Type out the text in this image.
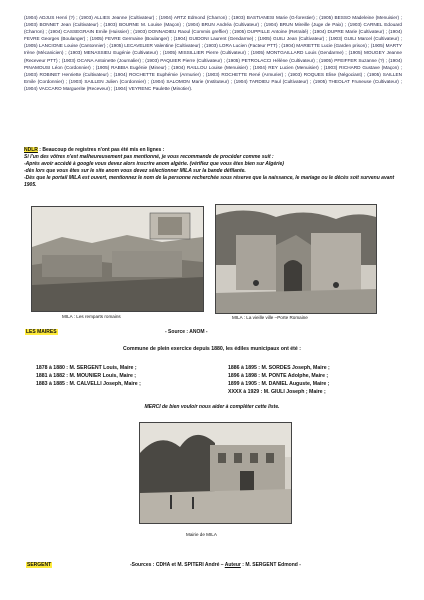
(1904) ADJUS Henri (?) ; (1903) ALLIES Jeanne (Cultivateur) ; (1904) ARTZ Edmond (Charron) ; (1903) BASTIANESI Marie (G-forestier) ; (1905) BESSO Madeleine (Menuisier) ; (1903) BONNET Jean (Cultivateur) ; (1903) BOURNE M. Louise (Maçon) ; (1904) BRUN Andréa (Cultivateur) ; (1904) BRUN Mireille (Juge de Paix) ; (1903) CARNEL Edouard (Charron) ; (1904) CASSEGRAIN Emile (Huissier) ; (1903) DONNADIEU Raoul (Commis greffier) ; (1905) DUPPILLE Antoine (Retraité) ; (1904) DUPRE Marie (Cultivateur) ; (1904) FEVRE Georges (Boulanger) ; (1905) FEVRE Germaine (Boulanger) ; (1904) GUIDONI Laurent (Gendarme) ; (1905) GUILI Jean (Cultivateur) ; (1903) GUILI Marcel (Cultivateur) ; (1905) LANCIONE Louise (Cantonnier) ; (1905) LECAVELIER Valentine (Cultivateur) ; (1903) LORA Lucien (Facteur PTT) ; (1904) MARIETTE Lucie (Garden prison) ; (1905) MARTY Irène (Mécanicien) ; (1903) MENASSIEU Eugénie (Cultivateur) ; (1905) MISSILLIER Pierre (Cultivateur) ; (1905) MONTGAILLARD Louis (Gendarme) ; (1905) MOUGEY Jeanne (Receveur PTT) ; (1903) OCANA Antoinette (Journalier) ; (1903) PAQUIER Pierre (Cultivateur) ; (1905) PETROLACCI Hélène (Cultivateur) ; (1905) PFEIFFER Suzanne (?) ; (1904) PINAMOUSI Léon (Cordonnier) ; (1905) RABBIA Eugénie (Mineur) ; (1904) RAILLOU Louise (Menuisier) ; (1904) REY Lucien (Menuisier) ; (1903) RICHARD Gustave (Maçon) ; (1903) ROBINET Henriette (Cultivateur) ; (1904) ROCHETTE Euphémie (Armurier) ; (1903) ROCHETTE René (Armurier) ; (1903) ROQUES Elise (Négociant) ; (1905) SAILLEN Emile (Cordonnier) ; (1903) SAILLEN Julien (Cordonnier) ; (1904) SALOMON Marie (Instituteur) ; (1904) TARDIEU Paul (Cultivateur) ; (1905) THEOLAT Fruneuse (Cultivateur) ; (1904) VACCARO Marguerite (Receveur) ; (1904) VEYRENC Paulette (Minotier).
NDLR : Beaucoup de registres n'ont pas été mis en lignes :
Si l'un des vôtres n'est malheureusement pas mentionné, je vous recommande de procéder comme suit :
-Après avoir accédé à google vous devez alors inscrire anom algérie. (vérifiez que vous êtes bien sur Algérie)
-dès lors que vous êtes sur le site anom vous devez sélectionner MILA sur la bande défilante.
-Dès que le portail MILA est ouvert, mentionnez le nom de la personne recherchée sous réserve que la naissance, le mariage ou le décès soit survenu avant 1905.
MILA : Les remparts romains	MILA : La vieille ville –Porte Romaine
LES MAIRES	- Source : ANOM -
Commune de plein exercice depuis 1880, les édiles municipaux ont été :
1878 à 1880 : M. SERGENT Louis, Maire ;
1881 à 1882 : M. MOUNIER Louis, Maire ;
1883 à 1885 : M. CALVELLI Joseph, Maire ;
1886 à 1895 : M. SORDES Joseph, Maire ;
1896 à 1898 : M. PONTE Adolphe, Maire ;
1899 à 1905 : M. DANIEL Auguste, Maire ;
XXXX à 1929 : M. GIULI Joseph ; Maire ;
MERCI de bien vouloir nous aider à compléter cette liste.
Mairie de MILA
SERGENT	-Sources : CDHA et M. SPITERI André – Auteur : M. SERGENT Edmond -
